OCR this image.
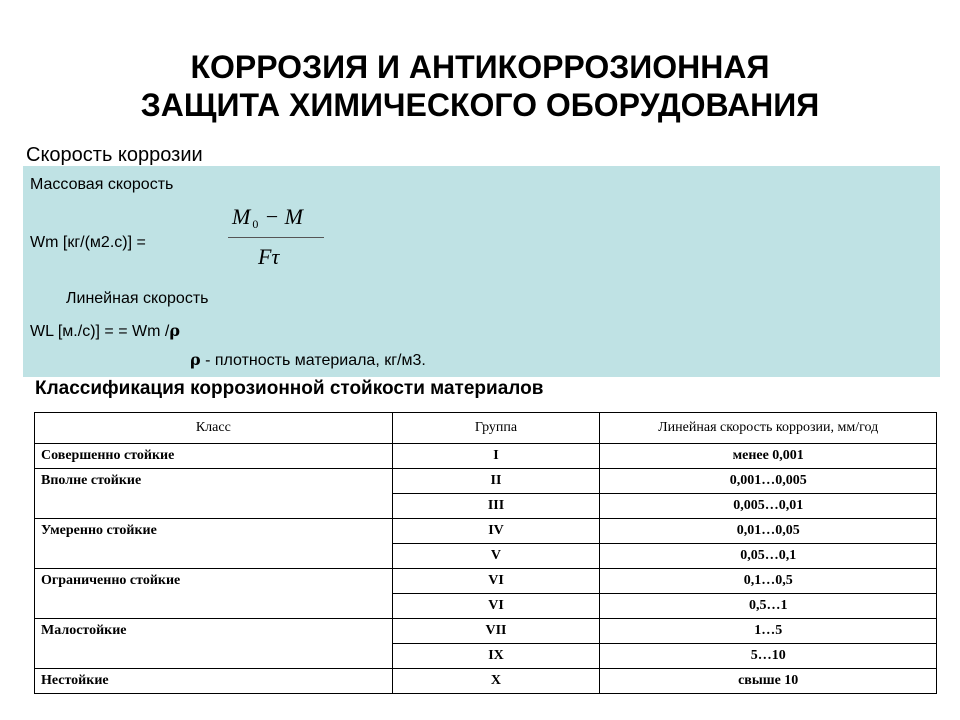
КОРРОЗИЯ И АНТИКОРРОЗИОННАЯ
ЗАЩИТА ХИМИЧЕСКОГО ОБОРУДОВАНИЯ
Скорость коррозии
Массовая скорость
Wm [кг/(м2.с)] =
M $_0$ − M
Fτ
Линейная скорость
WL [м./с)] = = Wm /ρ
ρ - плотность материала, кг/м3.
Классификация коррозионной стойкости материалов
Класс	Группа	Линейная скорость коррозии, мм/год
Совершенно стойкие	I	менее 0,001
Вполне стойкие	II	0,001…0,005
	III	0,005…0,01
Умеренно стойкие	IV	0,01…0,05
	V	0,05…0,1
Ограниченно стойкие	VI	0,1…0,5
	VI	0,5…1
Малостойкие	VII	1…5
	IX	5…10
Нестойкие	X	свыше 10
